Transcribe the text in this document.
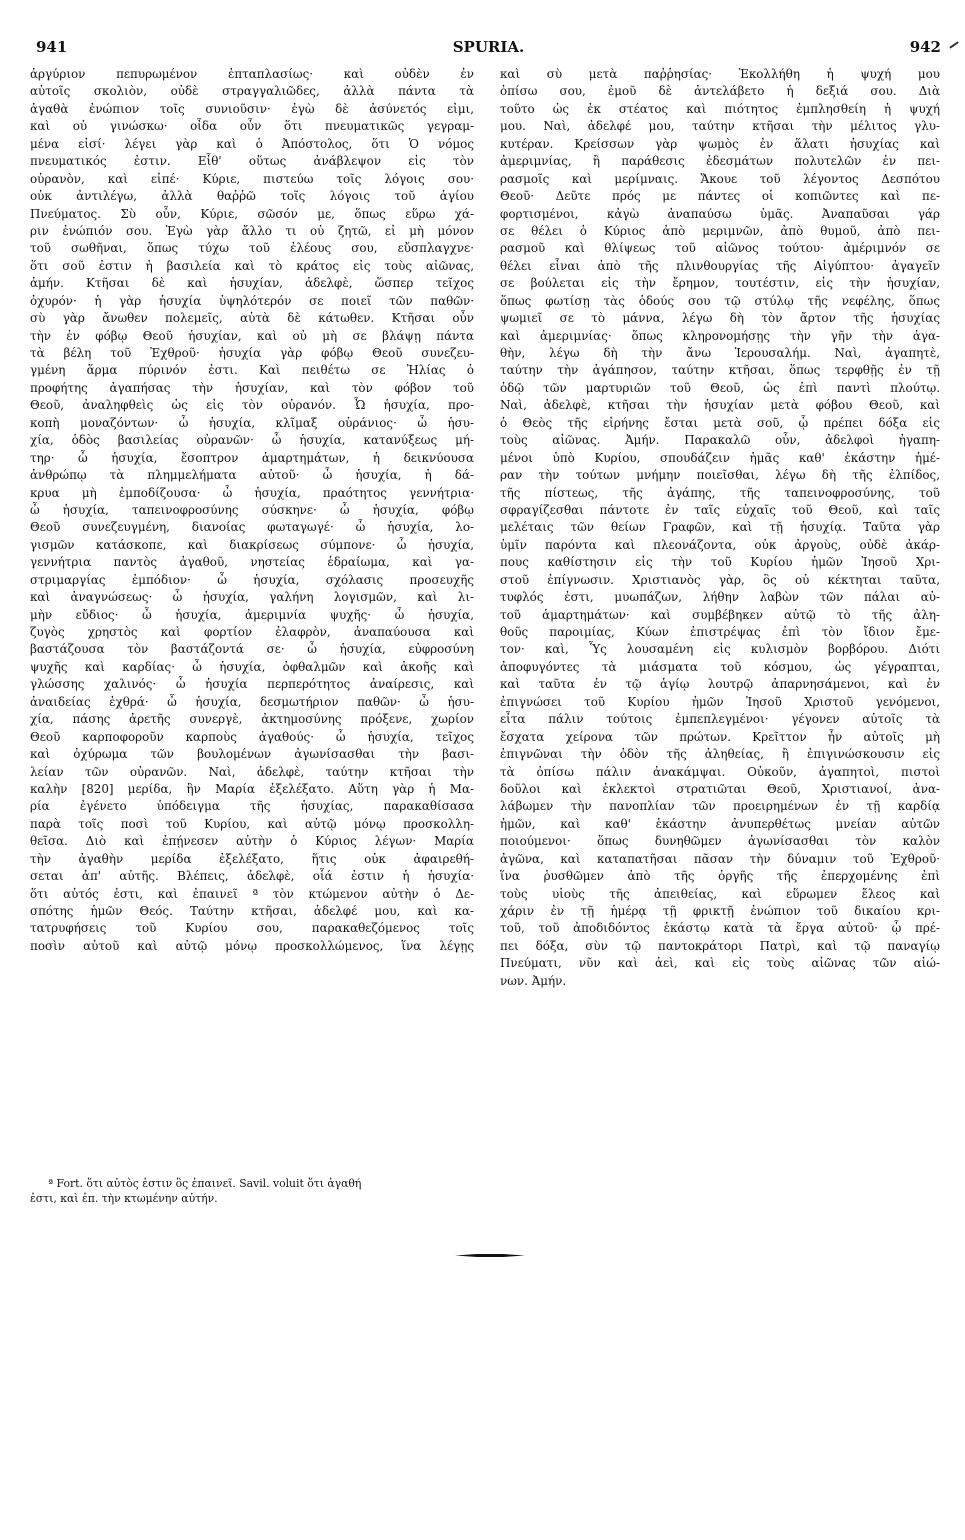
941	SPURIA.	942
ἀργύριον πεπυρωμένον ἐπταπλασίως· καὶ οὐδὲν ἐν
αὐτοῖς σκολιὸν, οὐδὲ στραγγαλιῶδες, ἀλλὰ πάντα τὰ
ἀγαθὰ ἐνώπιον τοῖς συνιοῦσιν· ἐγὼ δὲ ἀσύνετός εἰμι,
καὶ οὐ γινώσκω· οἶδα οὖν ὅτι πνευματικῶς γεγραμ-
μένα εἰσί· λέγει γὰρ καὶ ὁ Ἀπόστολος, ὅτι Ὁ νόμος
πνευματικός ἐστιν. Εἶθ' οὕτως ἀνάβλεψον εἰς τὸν
οὐρανὸν, καὶ εἰπέ· Κύριε, πιστεύω τοῖς λόγοις σου·
οὐκ ἀντιλέγω, ἀλλὰ θαῤῥῶ τοῖς λόγοις τοῦ ἁγίου
Πνεύματος. Σὺ οὖν, Κύριε, σῶσόν με, ὅπως εὕρω χά-
ριν ἐνώπιόν σου. Ἐγὼ γὰρ ἄλλο τι οὐ ζητῶ, εἰ μὴ μόνον
τοῦ σωθῆναι, ὅπως τύχω τοῦ ἐλέους σου, εὔσπλαγχνε·
ὅτι σοῦ ἐστιν ἡ βασιλεία καὶ τὸ κράτος εἰς τοὺς αἰῶνας,
ἀμήν. Κτῆσαι δὲ καὶ ἡσυχίαν, ἀδελφὲ, ὥσπερ τεῖχος
ὀχυρόν· ἡ γὰρ ἡσυχία ὑψηλότερόν σε ποιεῖ τῶν παθῶν·
σὺ γὰρ ἄνωθεν πολεμεῖς, αὐτὰ δὲ κάτωθεν. Κτῆσαι οὖν
τὴν ἐν φόβῳ Θεοῦ ἡσυχίαν, καὶ οὐ μὴ σε βλάψῃ πάντα
τὰ βέλη τοῦ Ἐχθροῦ· ἡσυχία γὰρ φόβῳ Θεοῦ συνεζευ-
γμένη ἅρμα πύρινόν ἐστι. Καὶ πειθέτω σε Ἠλίας ὁ
προφήτης ἀγαπήσας τὴν ἡσυχίαν, καὶ τὸν φόβον τοῦ
Θεοῦ, ἀναληφθεὶς ὡς εἰς τὸν οὐρανόν. Ὦ ἡσυχία, προ-
κοπὴ μοναζόντων· ὦ ἡσυχία, κλῖμαξ οὐράνιος· ὦ ἡσυ-
χία, ὁδὸς βασιλείας οὐρανῶν· ὦ ἡσυχία, κατανύξεως μή-
τηρ· ὦ ἡσυχία, ἔσοπτρον ἁμαρτημάτων, ἡ δεικνύουσα
ἀνθρώπῳ τὰ πλημμελήματα αὐτοῦ· ὦ ἡσυχία, ἡ δά-
κρυα μὴ ἐμποδίζουσα· ὦ ἡσυχία, πραότητος γεννήτρια·
ὦ ἡσυχία, ταπεινοφροσύνης σύσκηνε· ὦ ἡσυχία, φόβῳ
Θεοῦ συνεζευγμένη, διανοίας φωταγωγέ· ὦ ἡσυχία, λο-
γισμῶν κατάσκοπε, καὶ διακρίσεως σύμπονε· ὦ ἡσυχία,
γεννήτρια παντὸς ἀγαθοῦ, νηστείας ἑδραίωμα, καὶ γα-
στριμαργίας ἐμπόδιον· ὦ ἡσυχία, σχόλασις προσευχῆς
καὶ ἀναγνώσεως· ὦ ἡσυχία, γαλήνη λογισμῶν, καὶ λι-
μὴν εὔδιος· ὦ ἡσυχία, ἀμεριμνία ψυχῆς· ὦ ἡσυχία,
ζυγὸς χρηστὸς καὶ φορτίον ἐλαφρὸν, ἀναπαύουσα καὶ
βαστάζουσα τὸν βαστάζοντά σε· ὦ ἡσυχία, εὐφροσύνη
ψυχῆς καὶ καρδίας· ὦ ἡσυχία, ὀφθαλμῶν καὶ ἀκοῆς καὶ
γλώσσης χαλινός· ὦ ἡσυχία περπερότητος ἀναίρεσις, καὶ
ἀναιδείας ἐχθρά· ὦ ἡσυχία, δεσμωτήριον παθῶν· ὦ ἡσυ-
χία, πάσης ἀρετῆς συνεργὲ, ἀκτημοσύνης πρόξενε, χωρίον
Θεοῦ καρποφοροῦν καρποὺς ἀγαθούς· ὦ ἡσυχία, τεῖχος
καὶ ὀχύρωμα τῶν βουλομένων ἀγωνίσασθαι τὴν βασι-
λείαν τῶν οὐρανῶν. Ναὶ, ἀδελφὲ, ταύτην κτῆσαι τὴν
καλὴν [820] μερίδα, ἣν Μαρία ἐξελέξατο. Αὕτη γὰρ ἡ Μα-
ρία ἐγένετο ὑπόδειγμα τῆς ἡσυχίας, παρακαθίσασα
παρὰ τοῖς ποσὶ τοῦ Κυρίου, καὶ αὐτῷ μόνῳ προσκολλη-
θεῖσα. Διὸ καὶ ἐπῄνεσεν αὐτὴν ὁ Κύριος λέγων· Μαρία
τὴν ἀγαθὴν μερίδα ἐξελέξατο, ἥτις οὐκ ἀφαιρεθή-
σεται ἀπ' αὐτῆς. Βλέπεις, ἀδελφὲ, οἷά ἐστιν ἡ ἡσυχία·
ὅτι αὐτός ἐστι, καὶ ἐπαινεῖ ª τὸν κτώμενον αὐτὴν ὁ Δε-
σπότης ἡμῶν Θεός. Ταύτην κτῆσαι, ἀδελφέ μου, καὶ κα-
τατρυφήσεις τοῦ Κυρίου σου, παρακαθεζόμενος τοῖς
ποσὶν αὐτοῦ καὶ αὐτῷ μόνῳ προσκολλώμενος, ἵνα λέγῃς
ª Fort. ὅτι αὐτὸς ἐστιν ὃς ἐπαινεῖ. Savil. voluit ὅτι ἀγαθή
ἐστι, καὶ ἐπ. τὴν κτωμένην αὐτήν.
καὶ σὺ μετὰ παῤῥησίας· Ἐκολλήθη ἡ ψυχή μου
ὀπίσω σου, ἐμοῦ δὲ ἀντελάβετο ἡ δεξιά σου. Διὰ
τοῦτο ὡς ἐκ στέατος καὶ πιότητος ἐμπλησθείη ἡ ψυχή
μου. Ναὶ, ἀδελφέ μου, ταύτην κτῆσαι τὴν μέλιτος γλυ-
κυτέραν. Κρείσσων γὰρ ψωμὸς ἐν ἅλατι ἡσυχίας καὶ
ἀμεριμνίας, ἢ παράθεσις ἐδεσμάτων πολυτελῶν ἐν πει-
ρασμοῖς καὶ μερίμναις. Ἄκουε τοῦ λέγοντος Δεσπότου
Θεοῦ· Δεῦτε πρός με πάντες οἱ κοπιῶντες καὶ πε-
φορτισμένοι, κἀγὼ ἀναπαύσω ὑμᾶς. Ἀναπαῦσαι γάρ
σε θέλει ὁ Κύριος ἀπὸ μεριμνῶν, ἀπὸ θυμοῦ, ἀπὸ πει-
ρασμοῦ καὶ θλίψεως τοῦ αἰῶνος τούτου· ἀμέριμνόν σε
θέλει εἶναι ἀπὸ τῆς πλινθουργίας τῆς Αἰγύπτου· ἀγαγεῖν
σε βούλεται εἰς τὴν ἔρημον, τουτέστιν, εἰς τὴν ἡσυχίαν,
ὅπως φωτίσῃ τὰς ὁδούς σου τῷ στύλῳ τῆς νεφέλης, ὅπως
ψωμιεῖ σε τὸ μάννα, λέγω δὴ τὸν ἄρτον τῆς ἡσυχίας
καὶ ἀμεριμνίας· ὅπως κληρονομήσῃς τὴν γῆν τὴν ἀγα-
θὴν, λέγω δὴ τὴν ἄνω Ἱερουσαλήμ. Ναὶ, ἀγαπητὲ,
ταύτην τὴν ἀγάπησον, ταύτην κτῆσαι, ὅπως τερφθῇς ἐν τῇ
ὁδῷ τῶν μαρτυριῶν τοῦ Θεοῦ, ὡς ἐπὶ παντὶ πλούτῳ.
Ναὶ, ἀδελφὲ, κτῆσαι τὴν ἡσυχίαν μετὰ φόβου Θεοῦ, καὶ
ὁ Θεὸς τῆς εἰρήνης ἔσται μετὰ σοῦ, ᾧ πρέπει δόξα εἰς
τοὺς αἰῶνας. Ἀμήν. Παρακαλῶ οὖν, ἀδελφοὶ ἠγαπη-
μένοι ὑπὸ Κυρίου, σπουδάζειν ἡμᾶς καθ' ἑκάστην ἡμέ-
ραν τὴν τούτων μνήμην ποιεῖσθαι, λέγω δὴ τῆς ἐλπίδος,
τῆς πίστεως, τῆς ἀγάπης, τῆς ταπεινοφροσύνης, τοῦ
σφραγίζεσθαι πάντοτε ἐν ταῖς εὐχαῖς τοῦ Θεοῦ, καὶ ταῖς
μελέταις τῶν θείων Γραφῶν, καὶ τῇ ἡσυχίᾳ. Ταῦτα γὰρ
ὑμῖν παρόντα καὶ πλεονάζοντα, οὐκ ἀργοὺς, οὐδὲ ἀκάρ-
πους καθίστησιν εἰς τὴν τοῦ Κυρίου ἡμῶν Ἰησοῦ Χρι-
στοῦ ἐπίγνωσιν. Χριστιανὸς γὰρ, ὃς οὐ κέκτηται ταῦτα,
τυφλός ἐστι, μυωπάζων, λήθην λαβὼν τῶν πάλαι αὐ-
τοῦ ἁμαρτημάτων· καὶ συμβέβηκεν αὐτῷ τὸ τῆς ἀλη-
θοῦς παροιμίας, Κύων ἐπιστρέψας ἐπὶ τὸν ἴδιον ἔμε-
τον· καὶ, Ὗς λουσαμένη εἰς κυλισμὸν βορβόρου. Διότι
ἀποφυγόντες τὰ μιάσματα τοῦ κόσμου, ὡς γέγραπται,
καὶ ταῦτα ἐν τῷ ἁγίῳ λουτρῷ ἀπαρνησάμενοι, καὶ ἐν
ἐπιγνώσει τοῦ Κυρίου ἡμῶν Ἰησοῦ Χριστοῦ γενόμενοι,
εἶτα πάλιν τούτοις ἐμπεπλεγμένοι· γέγονεν αὐτοῖς τὰ
ἔσχατα χείρονα τῶν πρώτων. Κρεῖττον ἦν αὐτοῖς μὴ
ἐπιγνῶναι τὴν ὁδὸν τῆς ἀληθείας, ἢ ἐπιγινώσκουσιν εἰς
τὰ ὀπίσω πάλιν ἀνακάμψαι. Οὐκοῦν, ἀγαπητοὶ, πιστοὶ
δοῦλοι καὶ ἐκλεκτοὶ στρατιῶται Θεοῦ, Χριστιανοί, ἀνα-
λάβωμεν τὴν πανοπλίαν τῶν προειρημένων ἐν τῇ καρδίᾳ
ἡμῶν, καὶ καθ' ἑκάστην ἀνυπερθέτως μνείαν αὐτῶν
ποιούμενοι· ὅπως δυνηθῶμεν ἀγωνίσασθαι τὸν καλὸν
ἀγῶνα, καὶ καταπατῆσαι πᾶσαν τὴν δύναμιν τοῦ Ἐχθροῦ·
ἵνα ῥυσθῶμεν ἀπὸ τῆς ὀργῆς τῆς ἐπερχομένης ἐπὶ
τοὺς υἱοὺς τῆς ἀπειθείας, καὶ εὕρωμεν ἔλεος καὶ
χάριν ἐν τῇ ἡμέρᾳ τῇ φρικτῇ ἐνώπιον τοῦ δικαίου κρι-
τοῦ, τοῦ ἀποδιδόντος ἑκάστῳ κατὰ τὰ ἔργα αὐτοῦ· ᾧ πρέ-
πει δόξα, σὺν τῷ παντοκράτορι Πατρὶ, καὶ τῷ παναγίῳ
Πνεύματι, νῦν καὶ ἀεὶ, καὶ εἰς τοὺς αἰῶνας τῶν αἰώ-
νων. Ἀμήν.
